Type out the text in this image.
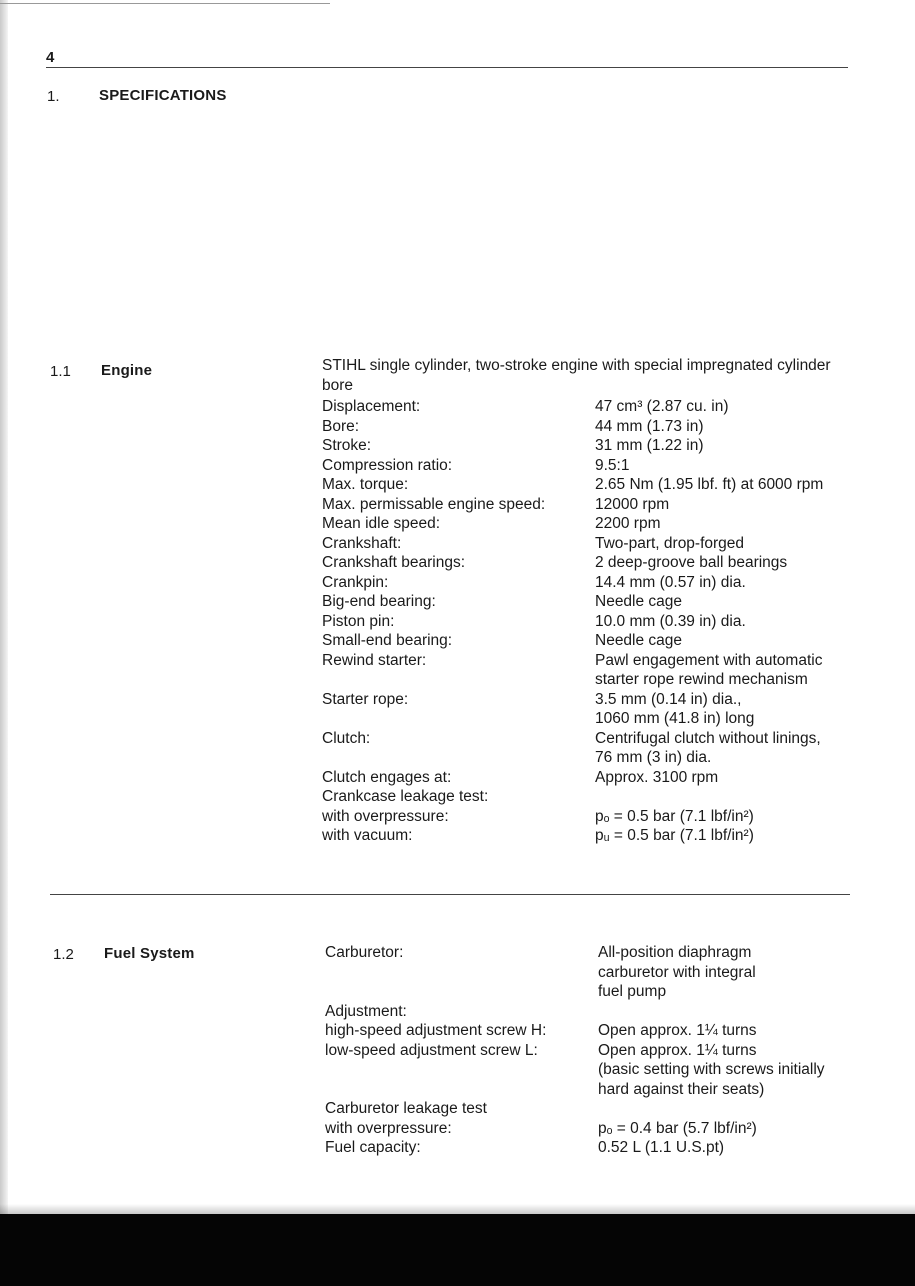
4
1.	SPECIFICATIONS
1.1 Engine	STIHL single cylinder, two-stroke engine with special impregnated cylinder bore
Displacement:	47 cm³ (2.87 cu. in)
Bore:	44 mm (1.73 in)
Stroke:	31 mm (1.22 in)
Compression ratio:	9.5:1
Max. torque:	2.65 Nm (1.95 lbf. ft) at 6000 rpm
Max. permissable engine speed:	12000 rpm
Mean idle speed:	2200 rpm
Crankshaft:	Two-part, drop-forged
Crankshaft bearings:	2 deep-groove ball bearings
Crankpin:	14.4 mm (0.57 in) dia.
Big-end bearing:	Needle cage
Piston pin:	10.0 mm (0.39 in) dia.
Small-end bearing:	Needle cage
Rewind starter:	Pawl engagement with automatic
starter rope rewind mechanism
Starter rope:	3.5 mm (0.14 in) dia.,
1060 mm (41.8 in) long
Clutch:	Centrifugal clutch without linings,
76 mm (3 in) dia.
Clutch engages at:	Approx. 3100 rpm
Crankcase leakage test:

with overpressure:	pₒ = 0.5 bar (7.1 lbf/in²)
with vacuum:	pᵤ = 0.5 bar (7.1 lbf/in²)
1.2 Fuel System	Carburetor:	All-position diaphragm
carburetor with integral
fuel pump
Adjustment:

high-speed adjustment screw H:	Open approx. 1¼ turns
low-speed adjustment screw L:	Open approx. 1¼ turns
(basic setting with screws initially
hard against their seats)
Carburetor leakage test

with overpressure:	pₒ = 0.4 bar (5.7 lbf/in²)
Fuel capacity:	0.52 L (1.1 U.S.pt)
